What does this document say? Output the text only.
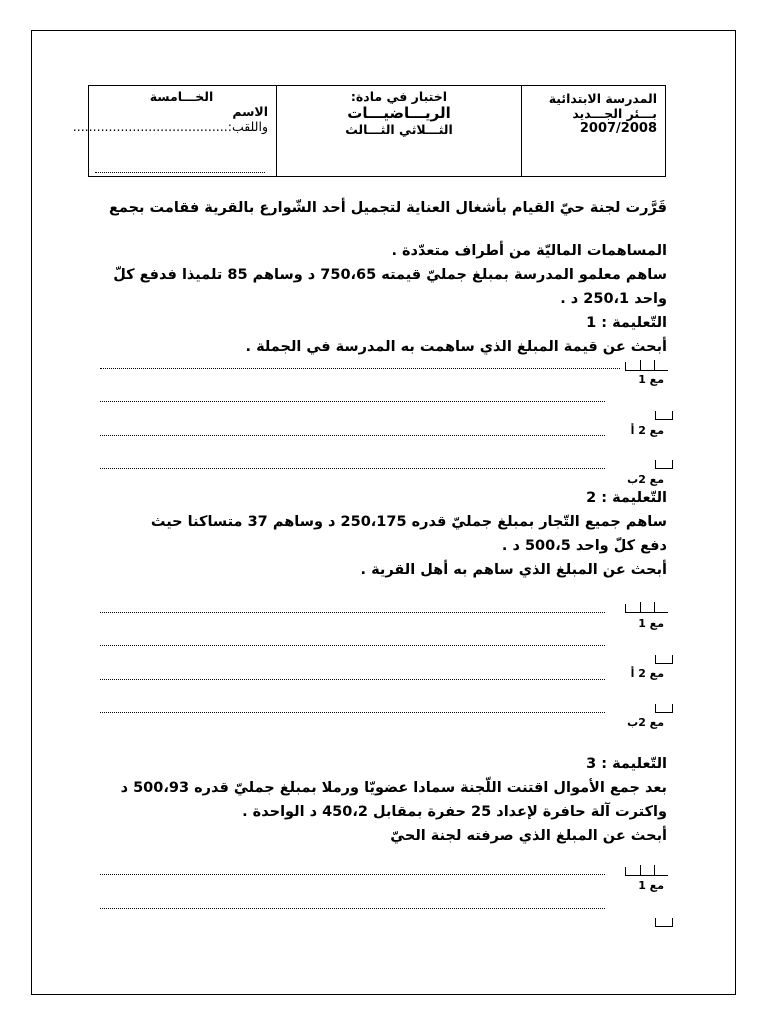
المدرسة الابتدائية
بـــئر الجـــديد
2007/2008
اختبار في مادة:
الريـــاضيـــات
الثـــلاثي الثـــالث
الخـــامسة
الاسم
واللقب:.......................................
قَرَّرت لجنة حيّ القيام بأشغال العناية لتجميل أحد الشّوارع بالقرية فقامت بجمع
المساهمات الماليّة من أطراف متعدّدة .
ساهم معلمو المدرسة بمبلغ جمليّ قيمته 750،65 د وساهم 85 تلميذا فدفع كلّ
واحد 250،1 د .
التّعليمة : 1
أبحث عن قيمة المبلغ الذي ساهمت به المدرسة في الجملة .
مع 1
مع 2 أ
مع 2ب
التّعليمة : 2
ساهم جميع التّجار بمبلغ جمليّ قدره 250،175 د وساهم 37 متساكنا حيث
دفع كلّ واحد 500،5 د .
أبحث عن المبلغ الذي ساهم به أهل القرية .
مع 1
مع 2 أ
مع 2ب
التّعليمة : 3
بعد جمع الأموال اقتنت اللّجنة سمادا عضويّا ورملا بمبلغ جمليّ قدره 500،93 د
واكترت آلة حافرة لإعداد 25 حفرة بمقابل 450،2 د الواحدة .
أبحث عن المبلغ الذي صرفته لجنة الحيّ
مع 1
